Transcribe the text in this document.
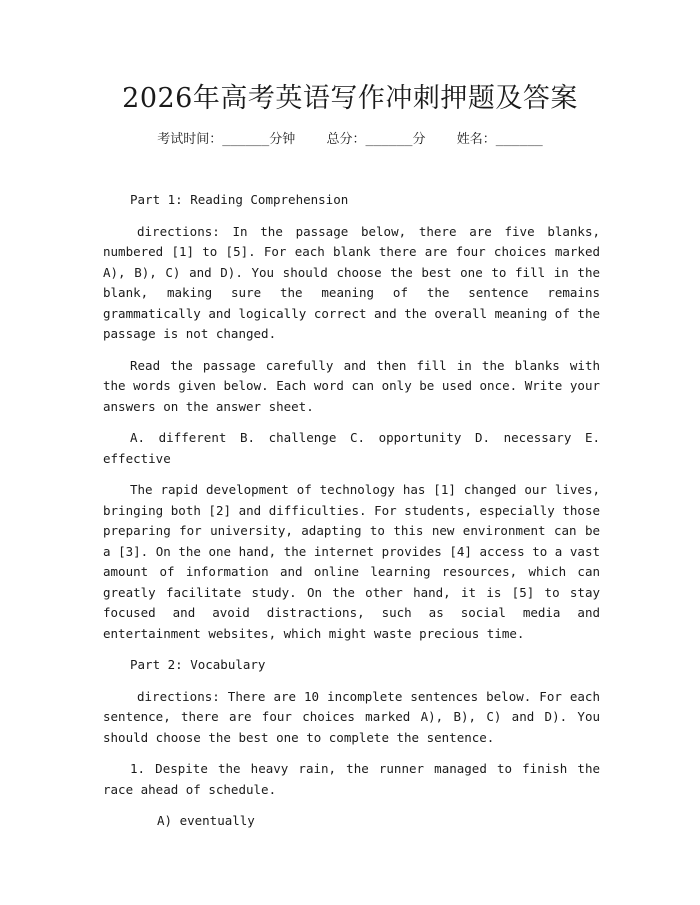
2026年高考英语写作冲刺押题及答案
考试时间：______分钟    总分：______分    姓名：______

Part 1: Reading Comprehension

directions: In the passage below, there are five blanks, numbered [1] to [5]. For each blank there are four choices marked A), B), C) and D). You should choose the best one to fill in the blank, making sure the meaning of the sentence remains grammatically and logically correct and the overall meaning of the passage is not changed.

Read the passage carefully and then fill in the blanks with the words given below. Each word can only be used once. Write your answers on the answer sheet.

A. different B. challenge C. opportunity D. necessary E. effective

The rapid development of technology has [1] changed our lives, bringing both [2] and difficulties. For students, especially those preparing for university, adapting to this new environment can be a [3]. On the one hand, the internet provides [4] access to a vast amount of information and online learning resources, which can greatly facilitate study. On the other hand, it is [5] to stay focused and avoid distractions, such as social media and entertainment websites, which might waste precious time.

Part 2: Vocabulary

directions: There are 10 incomplete sentences below. For each sentence, there are four choices marked A), B), C) and D). You should choose the best one to complete the sentence.

1. Despite the heavy rain, the runner managed to finish the race ahead of schedule.

A) eventually
